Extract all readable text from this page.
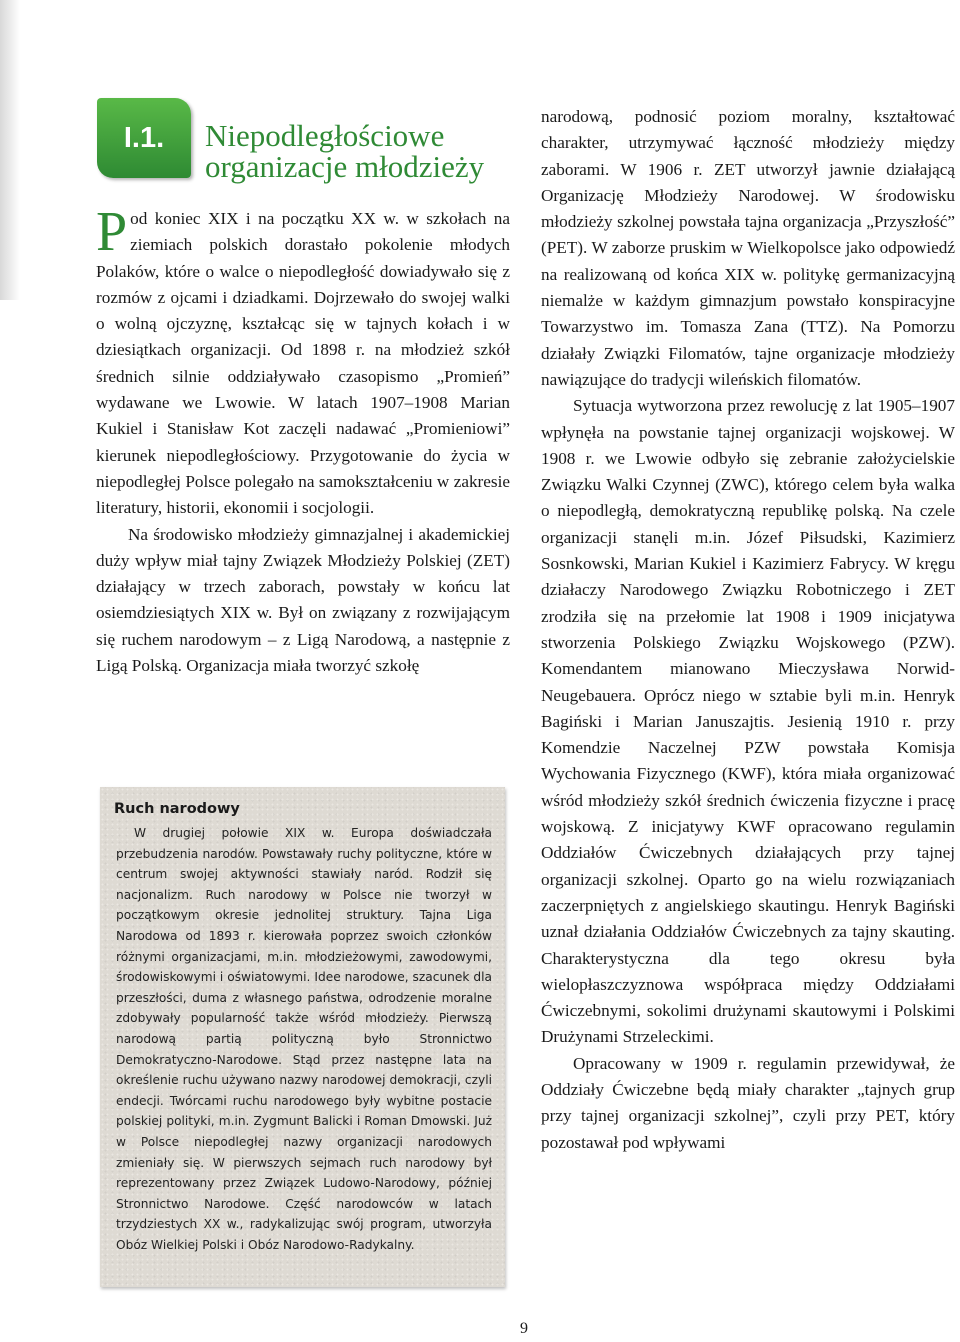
I.1. Niepodległościowe
organizacje młodzieży

Pod koniec XIX i na początku XX w. w szkołach na ziemiach polskich dorastało pokolenie młodych Polaków, które o walce o niepodległość dowiadywało się z rozmów z ojcami i dziadkami. Dojrzewało do swojej walki o wolną ojczyznę, kształcąc się w tajnych kołach i w dziesiątkach organizacji. Od 1898 r. na młodzież szkół średnich silnie oddziaływało czasopismo „Promień” wydawane we Lwowie. W latach 1907–1908 Marian Kukiel i Stanisław Kot zaczęli nadawać „Promieniowi” kierunek niepodległościowy. Przygotowanie do życia w niepodległej Polsce polegało na samokształceniu w zakresie literatury, historii, ekonomii i socjologii.

Na środowisko młodzieży gimnazjalnej i akademickiej duży wpływ miał tajny Związek Młodzieży Polskiej (ZET) działający w trzech zaborach, powstały w końcu lat osiemdziesiątych XIX w. Był on związany z rozwijającym się ruchem narodowym – z Ligą Narodową, a następnie z Ligą Polską. Organizacja miała tworzyć szkołę

narodową, podnosić poziom moralny, kształtować charakter, utrzymywać łączność młodzieży między zaborami. W 1906 r. ZET utworzył jawnie działającą Organizację Młodzieży Narodowej. W środowisku młodzieży szkolnej powstała tajna organizacja „Przyszłość” (PET). W zaborze pruskim w Wielkopolsce jako odpowiedź na realizowaną od końca XIX w. politykę germanizacyjną niemalże w każdym gimnazjum powstało konspiracyjne Towarzystwo im. Tomasza Zana (TTZ). Na Pomorzu działały Związki Filomatów, tajne organizacje młodzieży nawiązujące do tradycji wileńskich filomatów.

Sytuacja wytworzona przez rewolucję z lat 1905–1907 wpłynęła na powstanie tajnej organizacji wojskowej. W 1908 r. we Lwowie odbyło się zebranie założycielskie Związku Walki Czynnej (ZWC), którego celem była walka o niepodległą, demokratyczną republikę polską. Na czele organizacji stanęli m.in. Józef Piłsudski, Kazimierz Sosnkowski, Marian Kukiel i Kazimierz Fabrycy. W kręgu działaczy Narodowego Związku Robotniczego i ZET zrodziła się na przełomie lat 1908 i 1909 inicjatywa stworzenia Polskiego Związku Wojskowego (PZW). Komendantem mianowano Mieczysława Norwid-Neugebauera. Oprócz niego w sztabie byli m.in. Henryk Bagiński i Marian Januszajtis. Jesienią 1910 r. przy Komendzie Naczelnej PZW powstała Komisja Wychowania Fizycznego (KWF), która miała organizować wśród młodzieży szkół średnich ćwiczenia fizyczne i pracę wojskową. Z inicjatywy KWF opracowano regulamin Oddziałów Ćwiczebnych działających przy tajnej organizacji szkolnej. Oparto go na wielu rozwiązaniach zaczerpniętych z angielskiego skautingu. Henryk Bagiński uznał działania Oddziałów Ćwiczebnych za tajny skauting. Charakterystyczna dla tego okresu była wielopłaszczyznowa współpraca między Oddziałami Ćwiczebnymi, sokolimi drużynami skautowymi i Polskimi Drużynami Strzeleckimi.

Opracowany w 1909 r. regulamin przewidywał, że Oddziały Ćwiczebne będą miały charakter „tajnych grup przy tajnej organizacji szkolnej”, czyli przy PET, który pozostawał pod wpływami

Ruch narodowy

W drugiej połowie XIX w. Europa doświadczała przebudzenia narodów. Powstawały ruchy polityczne, które w centrum swojej aktywności stawiały naród. Rodził się nacjonalizm. Ruch narodowy w Polsce nie tworzył w początkowym okresie jednolitej struktury. Tajna Liga Narodowa od 1893 r. kierowała poprzez swoich członków różnymi organizacjami, m.in. młodzieżowymi, zawodowymi, środowiskowymi i oświatowymi. Idee narodowe, szacunek dla przeszłości, duma z własnego państwa, odrodzenie moralne zdobywały popularność także wśród młodzieży. Pierwszą narodową partią polityczną było Stronnictwo Demokratyczno-Narodowe. Stąd przez następne lata na określenie ruchu używano nazwy narodowej demokracji, czyli endecji. Twórcami ruchu narodowego były wybitne postacie polskiej polityki, m.in. Zygmunt Balicki i Roman Dmowski. Już w Polsce niepodległej nazwy organizacji narodowych zmieniały się. W pierwszych sejmach ruch narodowy był reprezentowany przez Związek Ludowo-Narodowy, później Stronnictwo Narodowe. Część narodowców w latach trzydziestych XX w., radykalizując swój program, utworzyła Obóz Wielkiej Polski i Obóz Narodowo-Radykalny.

9
